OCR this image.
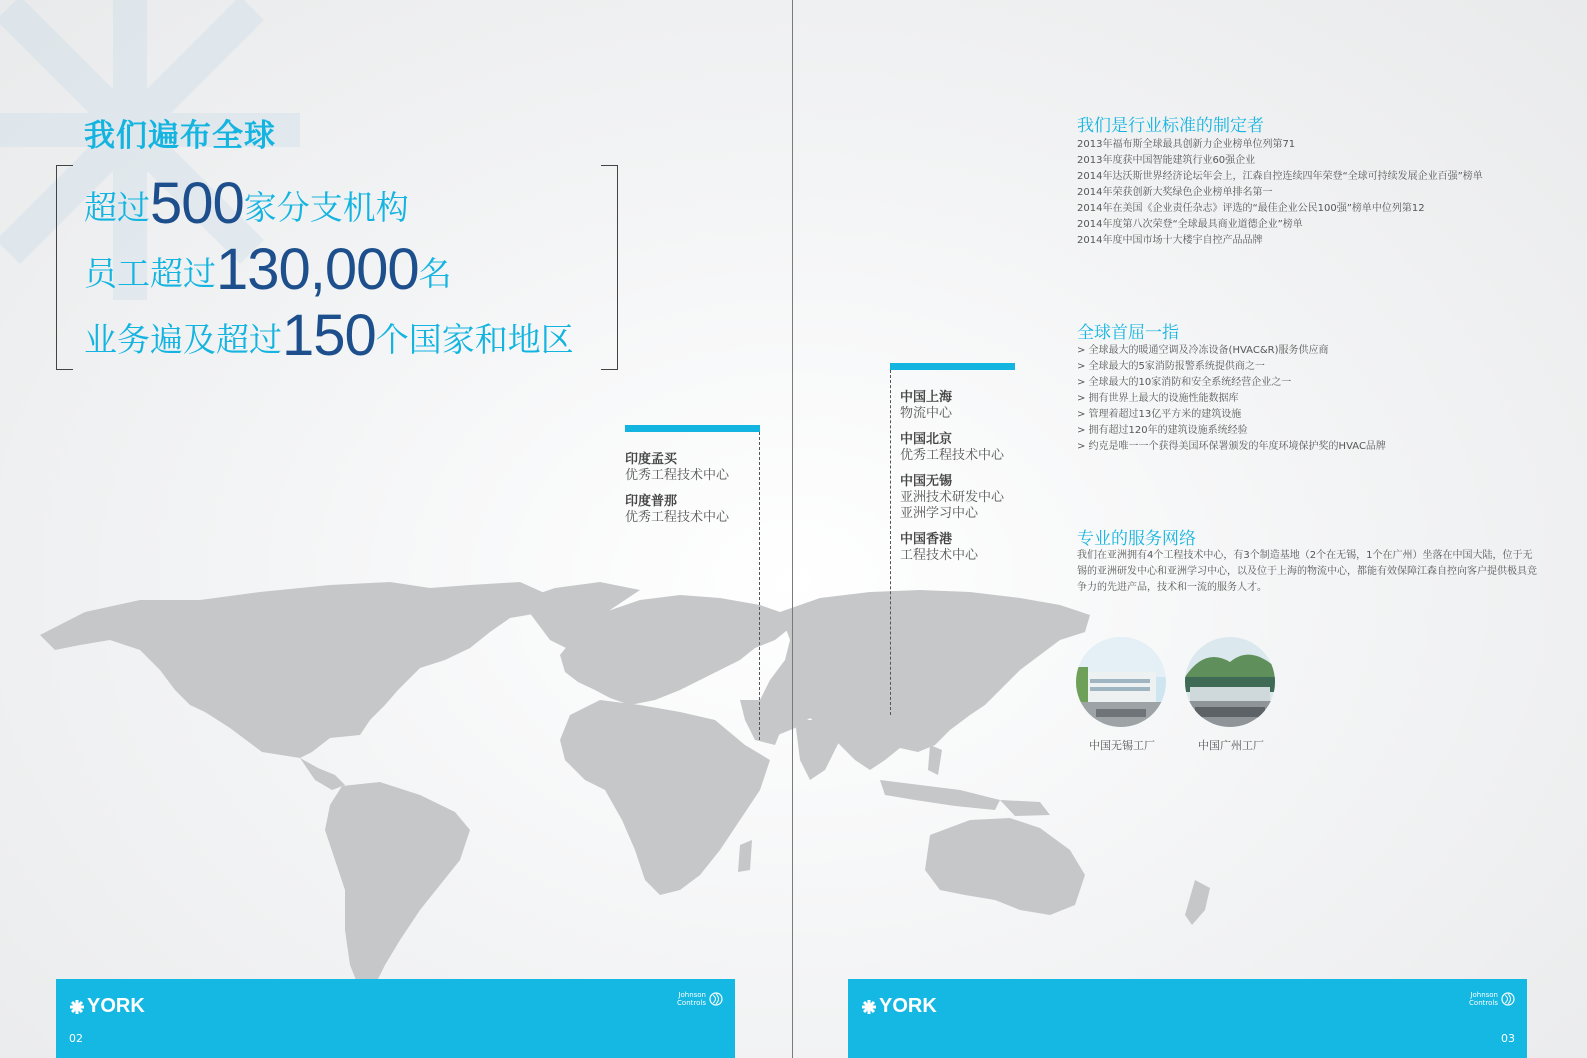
我们遍布全球
超过500家分支机构
员工超过130,000名
业务遍及超过150个国家和地区
印度孟买
优秀工程技术中心
印度普那
优秀工程技术中心
YORK	Johnson
Controls
02
中国上海
物流中心
中国北京
优秀工程技术中心
中国无锡
亚洲技术研发中心
亚洲学习中心
中国香港
工程技术中心
我们是行业标准的制定者
2013年福布斯全球最具创新力企业榜单位列第71
2013年度获中国智能建筑行业60强企业
2014年达沃斯世界经济论坛年会上，江森自控连续四年荣登“全球可持续发展企业百强”榜单
2014年荣获创新大奖绿色企业榜单排名第一
2014年在美国《企业责任杂志》评选的“最佳企业公民100强”榜单中位列第12
2014年度第八次荣登“全球最具商业道德企业”榜单
2014年度中国市场十大楼宇自控产品品牌
全球首屈一指
> 全球最大的暖通空调及冷冻设备(HVAC&R)服务供应商
> 全球最大的5家消防报警系统提供商之一
> 全球最大的10家消防和安全系统经营企业之一
> 拥有世界上最大的设施性能数据库
> 管理着超过13亿平方米的建筑设施
> 拥有超过120年的建筑设施系统经验
> 约克是唯一一个获得美国环保署颁发的年度环境保护奖的HVAC品牌
专业的服务网络
我们在亚洲拥有4个工程技术中心，有3个制造基地（2个在无锡，1个在广州）坐落在中国大陆，位于无锡的亚洲研发中心和亚洲学习中心，以及位于上海的物流中心，都能有效保障江森自控向客户提供极具竞争力的先进产品，技术和一流的服务人才。
中国无锡工厂	中国广州工厂
YORK	Johnson
Controls
03
